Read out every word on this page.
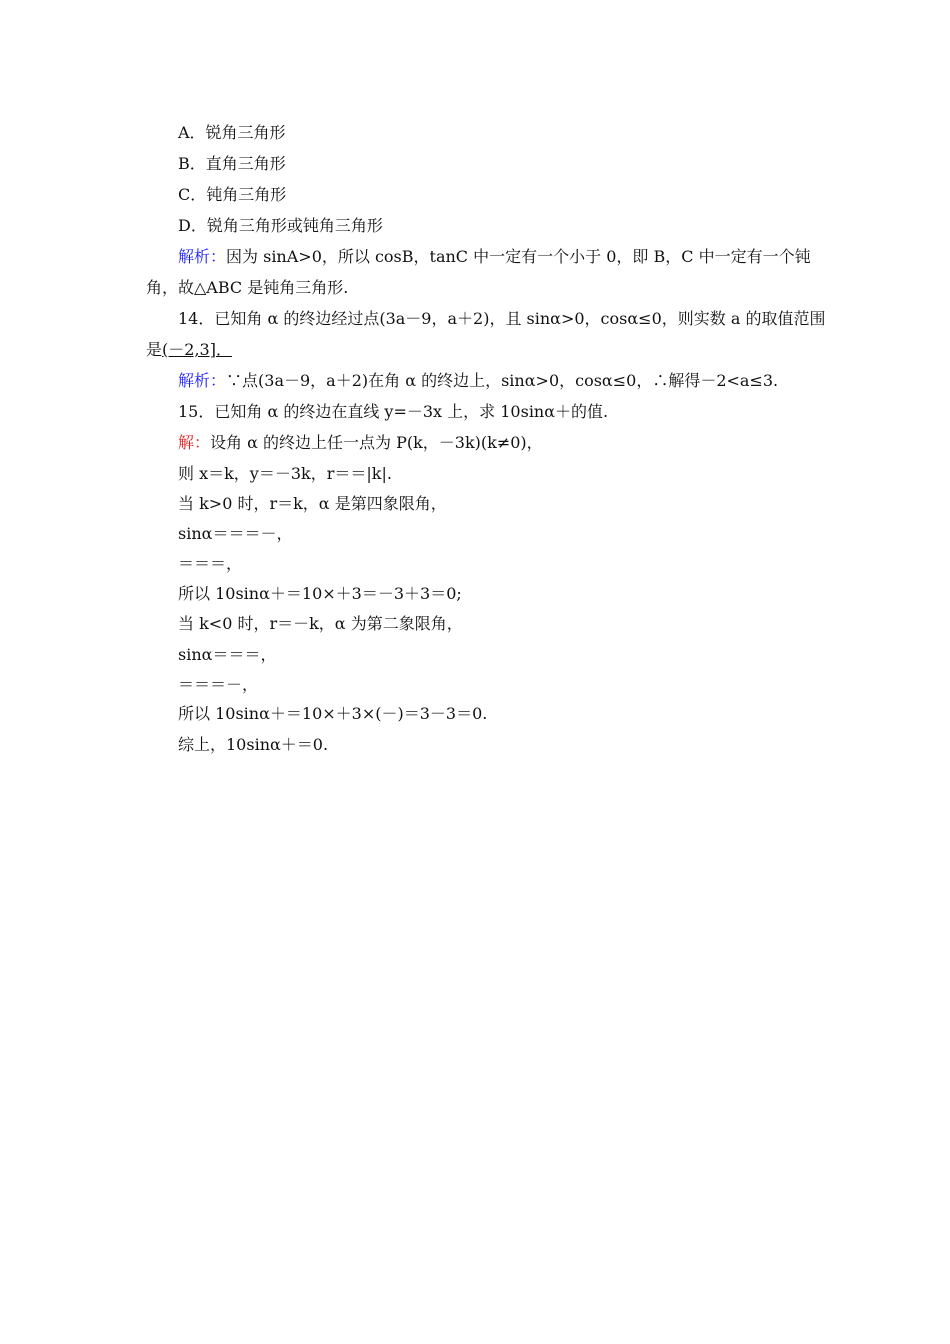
A．锐角三角形
B．直角三角形
C．钝角三角形
D．锐角三角形或钝角三角形
解析：因为 sinA>0，所以 cosB，tanC 中一定有一个小于 0，即 B，C 中一定有一个钝
角，故△ABC 是钝角三角形.
14．已知角 α 的终边经过点(3a－9，a＋2)，且 sinα>0，cosα≤0，则实数 a 的取值范围
是(－2,3]．
解析：∵点(3a－9，a＋2)在角 α 的终边上，sinα>0，cosα≤0，∴解得－2<a≤3.
15．已知角 α 的终边在直线 y=－3x 上，求 10sinα＋的值.
解：设角 α 的终边上任一点为 P(k，－3k)(k≠0)，
则 x＝k，y＝－3k，r＝＝|k|.
当 k>0 时，r＝k，α 是第四象限角，
sinα＝＝＝－，
＝＝＝，
所以 10sinα＋＝10×＋3＝－3＋3＝0;
当 k<0 时，r＝－k，α 为第二象限角，
sinα＝＝＝，
＝＝＝－，
所以 10sinα＋＝10×＋3×(－)＝3－3＝0.
综上，10sinα＋＝0.
